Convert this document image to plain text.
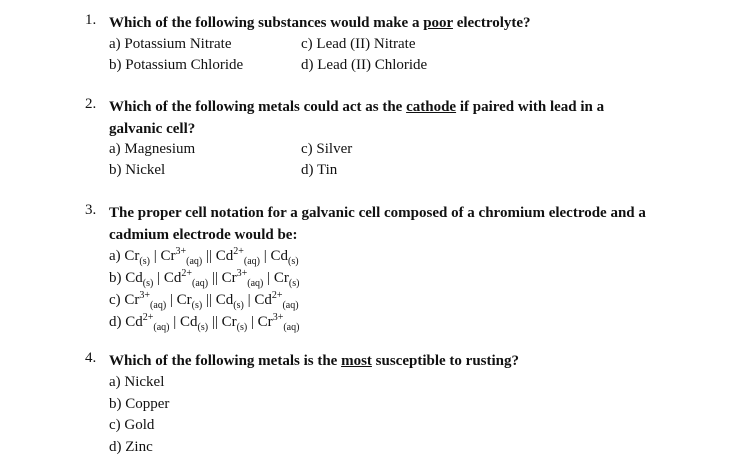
1. Which of the following substances would make a poor electrolyte?
a) Potassium Nitrate
b) Potassium Chloride
c) Lead (II) Nitrate
d) Lead (II) Chloride
2. Which of the following metals could act as the cathode if paired with lead in a galvanic cell?
a) Magnesium
b) Nickel
c) Silver
d) Tin
3. The proper cell notation for a galvanic cell composed of a chromium electrode and a cadmium electrode would be:
a) $Cr_{(s)}$ | $Cr^{3+}_{(aq)}$ || $Cd^{2+}_{(aq)}$ | $Cd_{(s)}$
b) $Cd_{(s)}$ | $Cd^{2+}_{(aq)}$ || $Cr^{3+}_{(aq)}$ | $Cr_{(s)}$
c) $Cr^{3+}_{(aq)}$ | $Cr_{(s)}$ || $Cd_{(s)}$ | $Cd^{2+}_{(aq)}$
d) $Cd^{2+}_{(aq)}$ | $Cd_{(s)}$ || $Cr_{(s)}$ | $Cr^{3+}_{(aq)}$
4. Which of the following metals is the most susceptible to rusting?
a) Nickel
b) Copper
c) Gold
d) Zinc
